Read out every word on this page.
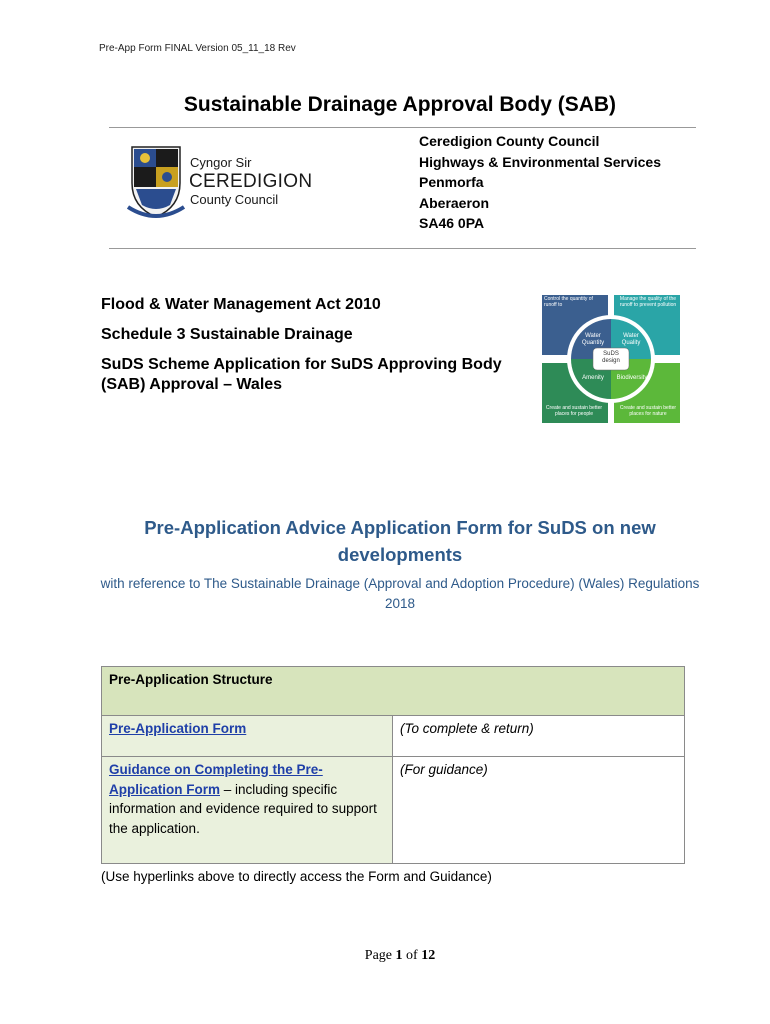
Pre-App Form FINAL Version 05_11_18 Rev
Sustainable Drainage Approval Body (SAB)
Cyngor Sir
CEREDIGION
County Council
Ceredigion County Council
Highways & Environmental Services
Penmorfa
Aberaeron
SA46 0PA
Flood & Water Management Act 2010
Schedule 3 Sustainable Drainage
SuDS Scheme Application for SuDS Approving Body (SAB) Approval – Wales
Control the quantity of runoff to
Manage the quality of the runoff to prevent pollution
Create and sustain better places for people
Create and sustain better places for nature
Water Quantity
Water Quality
Amenity	Biodiversity
SuDS design
Pre-Application Advice Application Form for SuDS on new developments
with reference to The Sustainable Drainage (Approval and Adoption Procedure) (Wales) Regulations 2018
Pre-Application Structure	
Pre-Application Form	(To complete & return)
Guidance on Completing the Pre-Application Form – including specific information and evidence required to support the application.	(For guidance)
(Use hyperlinks above to directly access the Form and Guidance)
Page 1 of 12
